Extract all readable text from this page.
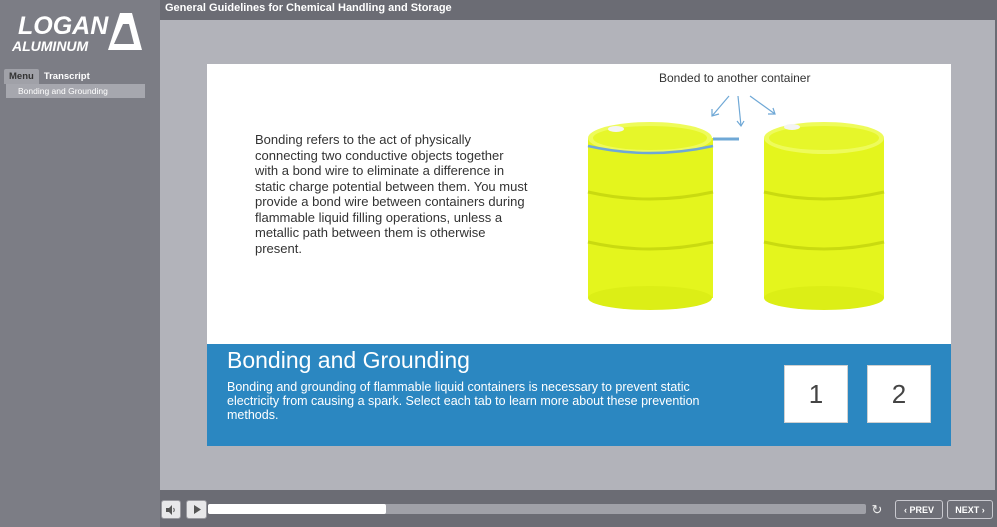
LOGAN
ALUMINUM
Menu	Transcript
Bonding and Grounding
General Guidelines for Chemical Handling and Storage
Bonded to another container
Bonding refers to the act of physically connecting two conductive objects together with a bond wire to eliminate a difference in static charge potential between them. You must provide a bond wire between containers during flammable liquid filling operations, unless a metallic path between them is otherwise present.
Bonding and Grounding
Bonding and grounding of flammable liquid containers is necessary to prevent static electricity from causing a spark. Select each tab to learn more about these prevention methods.
1	2
↻ ‹ PREV NEXT ›
